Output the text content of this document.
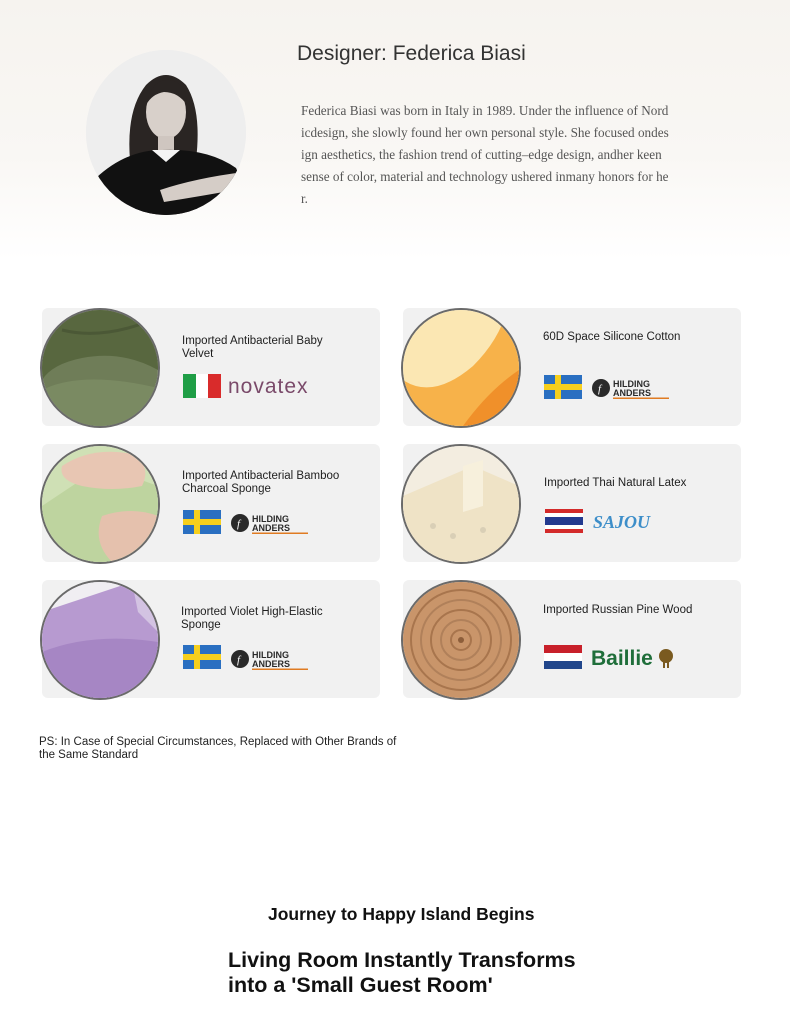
Designer: Federica Biasi

Federica Biasi was born in Italy in 1989. Under the influence of Nordicdesign, she slowly found her own personal style. She focused ondesign aesthetics, the fashion trend of cutting–edge design, andher keen sense of color, material and technology ushered inmany honors for her.

Imported Antibacterial Baby Velvet
novatex
60D Space Silicone Cotton
f HILDING
ANDERS
Imported Antibacterial Bamboo Charcoal Sponge
f HILDING
ANDERS
Imported Thai Natural Latex
SAJOU
Imported Violet High-Elastic Sponge
f HILDING
ANDERS
Imported Russian Pine Wood
Baillie

PS: In Case of Special Circumstances, Replaced with Other Brands of the Same Standard

Journey to Happy Island Begins
Living Room Instantly Transforms into a 'Small Guest Room'
